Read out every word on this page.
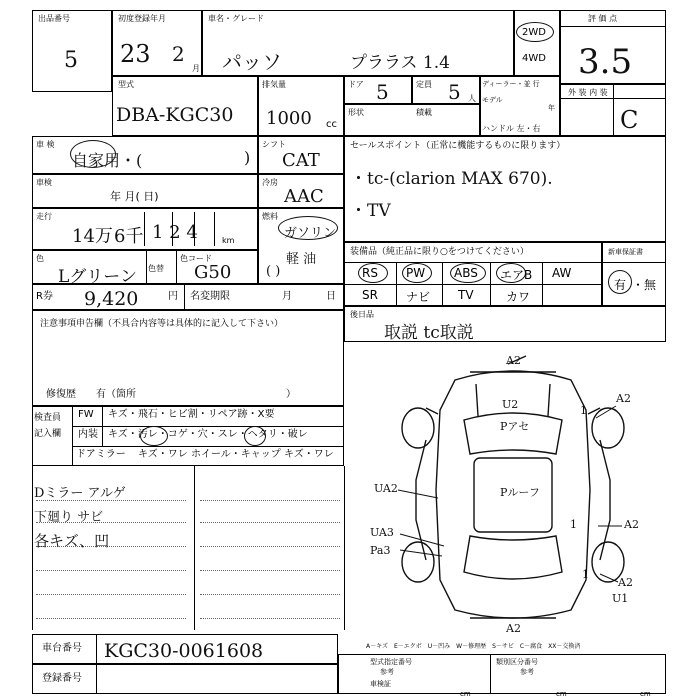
出品番号
5
初度登録年月
23 2
月
車名・グレード
パッソ	プララス 1.4
2WD
4WD
評 価 点
3.5
型式
DBA-KGC30
排気量
1000 cc
ドア 5	定員 5 人
ディーラー・並 行
モデル
年
ハンドル 左・右
外 装 内 装
C
形状	積載
車 検
自家用・(	)
シフト
CAT
セールスポイント（正常に機能するものに限ります）
・tc-(clarion MAX 670).
・TV
車検
年 月( 日)
冷房
AAC
走行
14万 6千 1 2 4	km
燃料
ガソリン
軽 油
( )
色
Lグリーン 色替
色コード
G50
装備品（純正品に限り○をつけてください）
RS PW ABS エアB AW
SR ナビ TV	カワ
新車保証書
有 ・ 無
R券 9,420	円 名変期限	月	日
後日品
取説 tc取説
注意事項申告欄（不具合内容等は具体的に記入して下さい）
修復歴　　有（箇所　　　　　　　　　　　　　　　）
検査員
記入欄
FW キズ・飛石・ヒビ割・リペア跡・X要
内装 キズ・汚レ・コゲ・穴・スレ・ヘタリ・破レ
ドアミラー キズ・ワレ ホイール・キャップ キズ・ワレ
Dミラー アルゲ
下廻り サビ
各キズ、凹
A2
U2
Pアセ
Pルーフ
A2
UA2
A2
UA3
Pa3
A2
U1
A2
1
1
1
車台番号 KGC30-0061608
登録番号
A－キズ　E－エクボ　U－凹み　W－修理歴　S－サビ　C－腐食　XX－交換済
型式指定番号
参考
類別区分番号
参考
車検証
cm	cm	cm
